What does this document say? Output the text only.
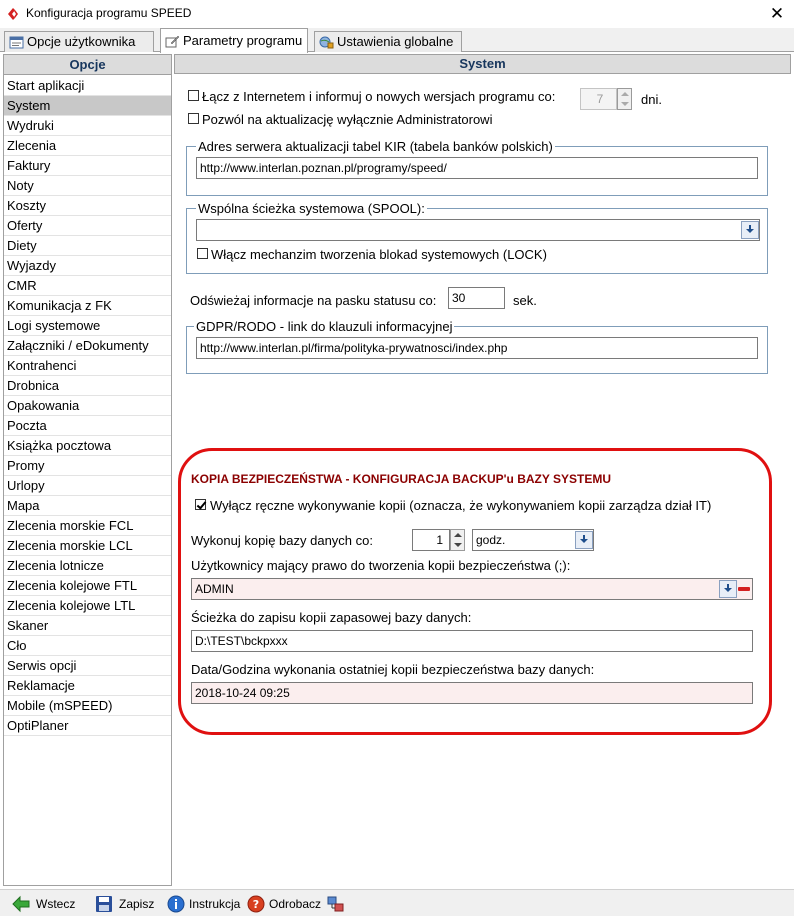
Konfiguracja programu SPEED	✕
Opcje użytkownika	Parametry programu	Ustawienia globalne
Opcje
Start aplikacji
System
Wydruki
Zlecenia
Faktury
Noty
Koszty
Oferty
Diety
Wyjazdy
CMR
Komunikacja z FK
Logi systemowe
Załączniki / eDokumenty
Kontrahenci
Drobnica
Opakowania
Poczta
Książka pocztowa
Promy
Urlopy
Mapa
Zlecenia morskie FCL
Zlecenia morskie LCL
Zlecenia lotnicze
Zlecenia kolejowe FTL
Zlecenia kolejowe LTL
Skaner
Cło
Serwis opcji
Reklamacje
Mobile (mSPEED)
OptiPlaner
System
Łącz z Internetem i informuj o nowych wersjach programu co:	7	dni.
Pozwól na aktualizację wyłącznie Administratorowi
Adres serwera aktualizacji tabel KIR (tabela banków polskich)
http://www.interlan.poznan.pl/programy/speed/
Wspólna ścieżka systemowa (SPOOL):
Włącz mechanzim tworzenia blokad systemowych (LOCK)
Odświeżaj informacje na pasku statusu co:	30	sek.
GDPR/RODO - link do klauzuli informacyjnej
http://www.interlan.pl/firma/polityka-prywatnosci/index.php
KOPIA BEZPIECZEŃSTWA - KONFIGURACJA BACKUP'u BAZY SYSTEMU
Wyłącz ręczne wykonywanie kopii (oznacza, że wykonywaniem kopii zarządza dział IT)
Wykonuj kopię bazy danych co:	1	godz.
Użytkownicy mający prawo do tworzenia kopii bezpieczeństwa (;):
ADMIN
Ścieżka do zapisu kopii zapasowej bazy danych:
D:\TEST\bckpxxx
Data/Godzina wykonania ostatniej kopii bezpieczeństwa bazy danych:
2018-10-24 09:25
Wstecz	Zapisz	Instrukcja ? Odrobacz
